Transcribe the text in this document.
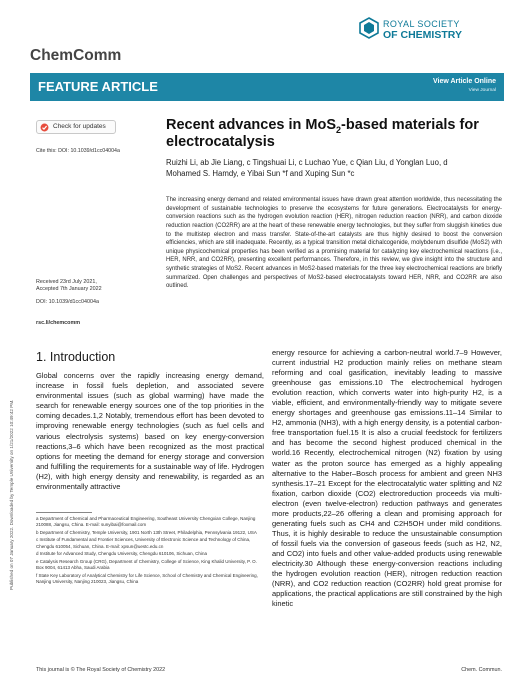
Published on 07 January 2022. Downloaded by Temple University on 1/21/2022 10:49:42 PM.
ROYAL SOCIETY
OF CHEMISTRY
ChemComm
FEATURE ARTICLE	View Article Online
View Journal
Check for updates
Cite this: DOI: 10.1039/d1cc04004a
Recent advances in MoS$_2$-based materials for electrocatalysis
Ruizhi Li, ab Jie Liang, c Tingshuai Li, c Luchao Yue, c Qian Liu, d Yonglan Luo, d
Mohamed S. Hamdy, e Yibai Sun *f and Xuping Sun *c
The increasing energy demand and related environmental issues have drawn great attention worldwide, thus necessitating the development of sustainable technologies to preserve the ecosystems for future generations. Electrocatalysts for energy-conversion reactions such as the hydrogen evolution reaction (HER), nitrogen reduction reaction (NRR), and carbon dioxide reduction reaction (CO2RR) are at the heart of these renewable energy technologies, but they suffer from sluggish kinetics due to the multistep electron and mass transfer. State-of-the-art catalysts are thus highly desired to boost the conversion efficiencies, which are still inadequate. Recently, as a typical transition metal dichalcogenide, molybdenum disulfide (MoS2) with unique physicochemical properties has been verified as a promising material for catalyzing key electrochemical reactions (i.e., HER, NRR, and CO2RR), presenting excellent performances. Therefore, in this review, we give insight into the structure and synthetic strategies of MoS2. Recent advances in MoS2-based materials for the three key electrochemical reactions are briefly summarized. Open challenges and perspectives of MoS2-based electrocatalysts toward HER, NRR, and CO2RR are also outlined.
Received 23rd July 2021,
Accepted 7th January 2022
DOI: 10.1039/d1cc04004a
rsc.li/chemcomm
1. Introduction
Global concerns over the rapidly increasing energy demand, increase in fossil fuels depletion, and associated severe environmental issues (such as global warming) have made the search for renewable energy sources one of the top priorities in the coming decades.1,2 Notably, tremendous effort has been devoted to improving renewable energy technologies (such as fuel cells and various electrolysis systems) based on key energy-conversion reactions,3–6 which have been recognized as the most practical options for meeting the demand for energy storage and conversion and fulfilling the requirements for a sustainable way of life. Hydrogen (H2), with high energy density and renewability, is regarded as an environmentally attractive
energy resource for achieving a carbon-neutral world.7–9 However, current industrial H2 production mainly relies on methane steam reforming and coal gasification, inevitably leading to massive greenhouse gas emissions.10 The electrochemical hydrogen evolution reaction, which converts water into high-purity H2, is a viable, efficient, and environmentally-friendly way to mitigate severe energy shortages and greenhouse gas emissions.11–14 Similar to H2, ammonia (NH3), with a high energy density, is a potential carbon-free transportation fuel.15 It is also a crucial feedstock for fertilizers and has become the second highest produced chemical in the world.16 Recently, electrochemical nitrogen (N2) fixation by using water as the proton source has emerged as a highly appealing alternative to the Haber–Bosch process for ambient and green NH3 synthesis.17–21 Except for the electrocatalytic water splitting and N2 fixation, carbon dioxide (CO2) electroreduction proceeds via multi-electron (even twelve-electron) reduction pathways and generates more products,22–26 offering a clean and promising approach for generating fuels such as CH4 and C2H5OH under mild conditions. Thus, it is highly desirable to reduce the unsustainable consumption of fossil fuels via the conversion of gaseous feeds (such as H2, N2, and CO2) into fuels and other value-added products using renewable electricity.30 Although these energy-conversion reactions including the hydrogen evolution reaction (HER), nitrogen reduction reaction (NRR), and CO2 reduction reaction (CO2RR) hold great promise for applications, the practical applications are still constrained by the high kinetic

a Department of Chemical and Pharmaceutical Engineering, Southeast University Chengxian College, Nanjing 210088, Jiangsu, China. E-mail: sunyibai@foxmail.com

b Department of Chemistry, Temple University, 1901 North 13th Street, Philadelphia, Pennsylvania 19122, USA

c Institute of Fundamental and Frontier Sciences, University of Electronic Science and Technology of China, Chengdu 610054, Sichuan, China. E-mail: xpsun@uestc.edu.cn

d Institute for Advanced Study, Chengdu University, Chengdu 610106, Sichuan, China

e Catalysis Research Group (CRG), Department of Chemistry, College of Science, King Khalid University, P. O. Box 9004, 61413 Abha, Saudi Arabia

f State Key Laboratory of Analytical Chemistry for Life Science, School of Chemistry and Chemical Engineering, Nanjing University, Nanjing 210023, Jiangsu, China

This journal is © The Royal Society of Chemistry 2022	Chem. Commun.
